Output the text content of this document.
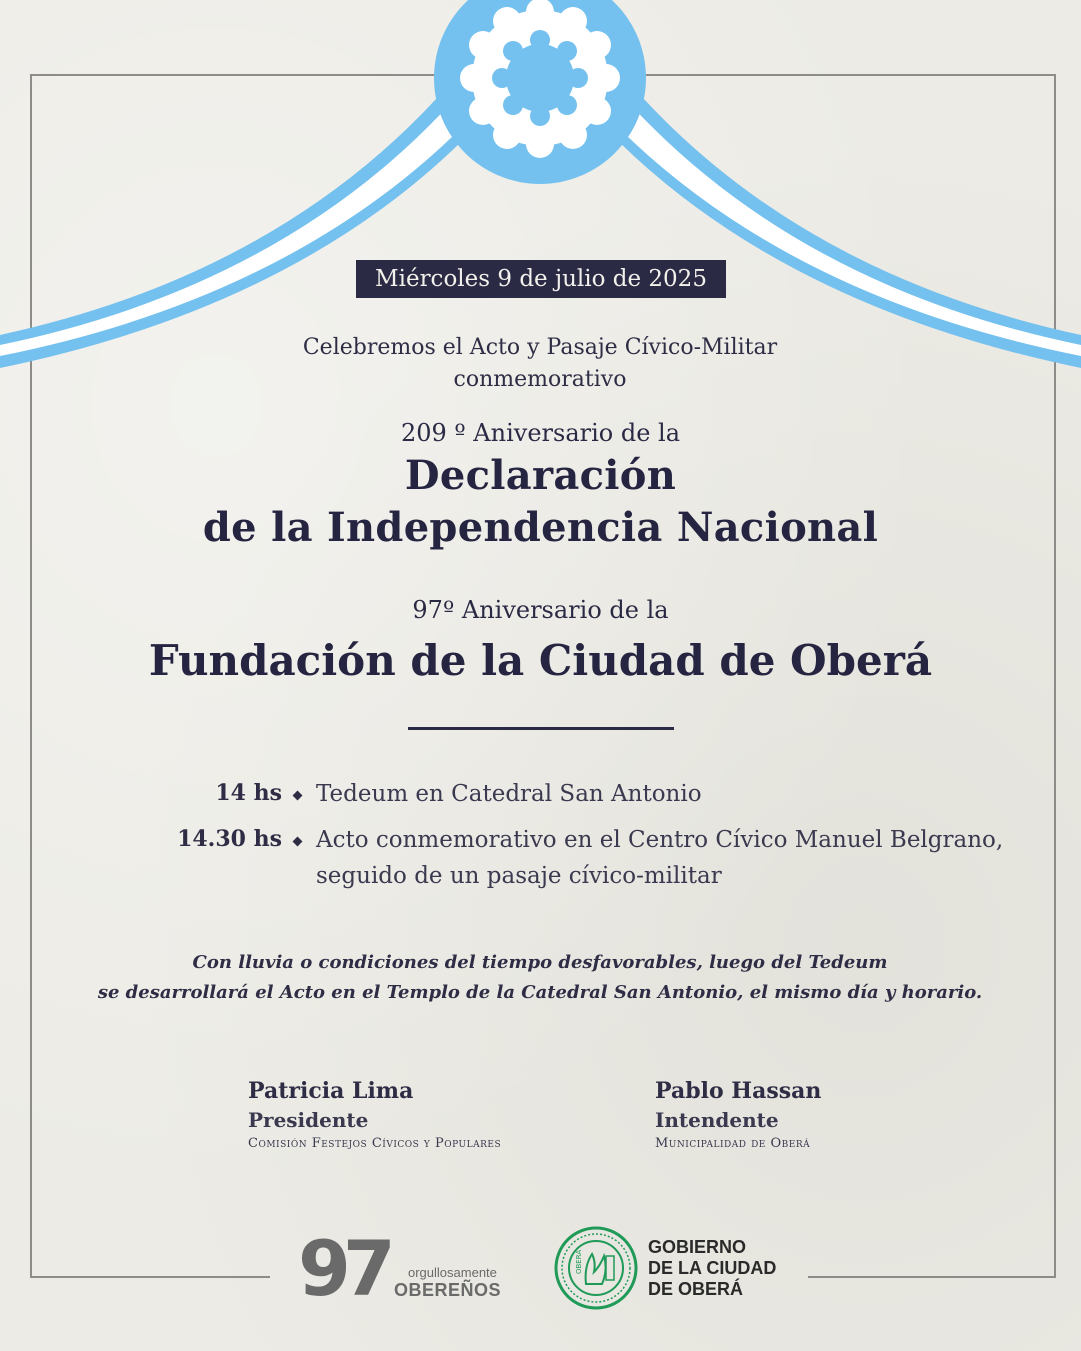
Miércoles 9 de julio de 2025
Celebremos el Acto y Pasaje Cívico-Militar
conmemorativo
209 º Aniversario de la
Declaración
de la Independencia Nacional
97º Aniversario de la
Fundación de la Ciudad de Oberá
14 hs Tedeum en Catedral San Antonio
14.30 hs Acto conmemorativo en el Centro Cívico Manuel Belgrano,
seguido de un pasaje cívico-militar
Con lluvia o condiciones del tiempo desfavorables, luego del Tedeum
se desarrollará el Acto en el Templo de la Catedral San Antonio, el mismo día y horario.
Patricia Lima
Presidente
Comisión Festejos Cívicos y Populares
Pablo Hassan
Intendente
Municipalidad de Oberá
97 orgullosamente
OBEREÑOS
OBERÁ
GOBIERNO
DE LA CIUDAD
DE OBERÁ
